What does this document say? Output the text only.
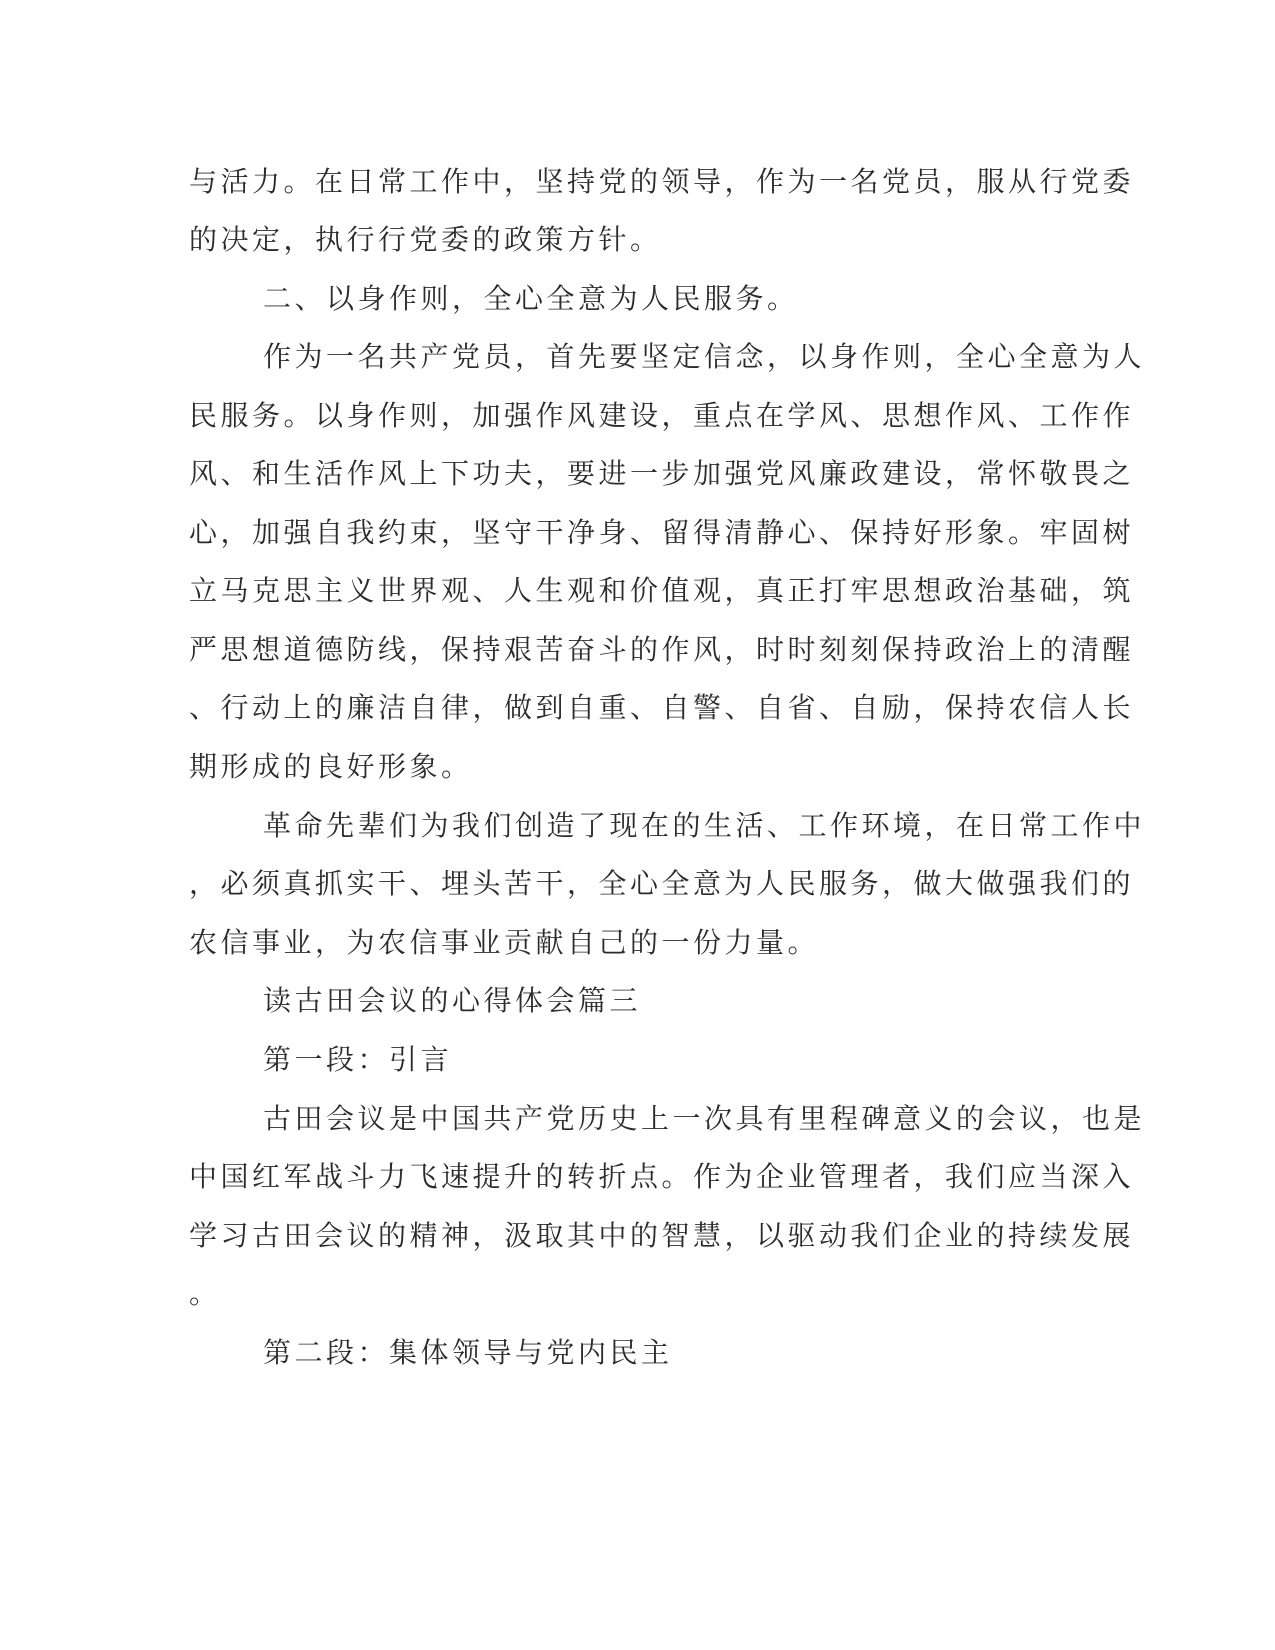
与活力。在日常工作中，坚持党的领导，作为一名党员，服从行党委

的决定，执行行党委的政策方针。

二、以身作则，全心全意为人民服务。

作为一名共产党员，首先要坚定信念，以身作则，全心全意为人

民服务。以身作则，加强作风建设，重点在学风、思想作风、工作作

风、和生活作风上下功夫，要进一步加强党风廉政建设，常怀敬畏之

心，加强自我约束，坚守干净身、留得清静心、保持好形象。牢固树

立马克思主义世界观、人生观和价值观，真正打牢思想政治基础，筑

严思想道德防线，保持艰苦奋斗的作风，时时刻刻保持政治上的清醒

、行动上的廉洁自律，做到自重、自警、自省、自励，保持农信人长

期形成的良好形象。

革命先辈们为我们创造了现在的生活、工作环境，在日常工作中

，必须真抓实干、埋头苦干，全心全意为人民服务，做大做强我们的

农信事业，为农信事业贡献自己的一份力量。

读古田会议的心得体会篇三

第一段：引言

古田会议是中国共产党历史上一次具有里程碑意义的会议，也是

中国红军战斗力飞速提升的转折点。作为企业管理者，我们应当深入

学习古田会议的精神，汲取其中的智慧，以驱动我们企业的持续发展

。

第二段：集体领导与党内民主
